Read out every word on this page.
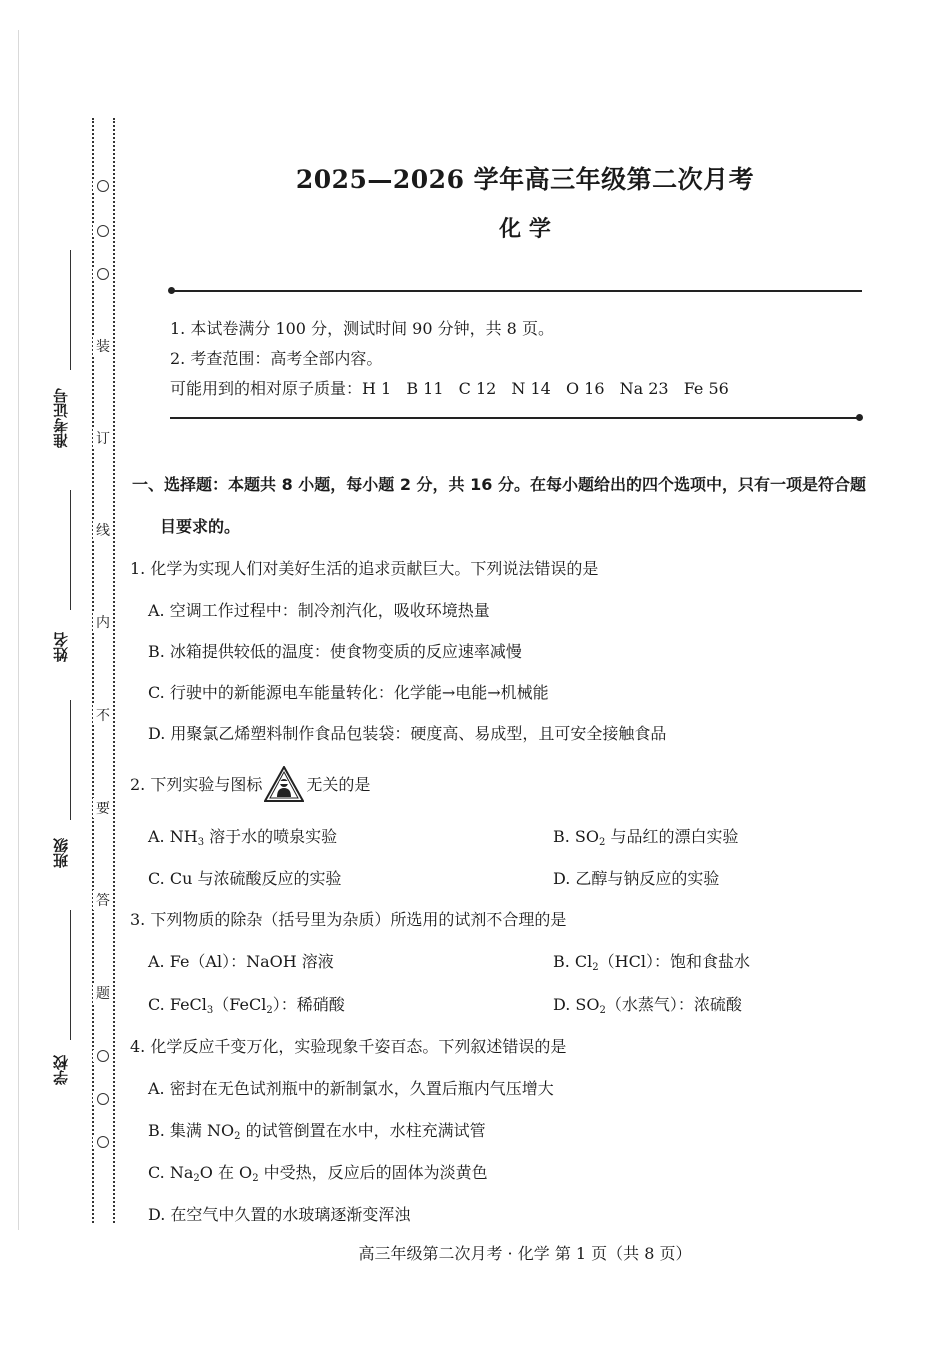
准考证号
姓名
班级
学校
装
订
线
内
不
要
答
题
2025—2026 学年高三年级第二次月考
化 学
1. 本试卷满分 100 分，测试时间 90 分钟，共 8 页。
2. 考查范围：高考全部内容。
可能用到的相对原子质量：H 1 B 11 C 12 N 14 O 16 Na 23 Fe 56
一、选择题：本题共 8 小题，每小题 2 分，共 16 分。在每小题给出的四个选项中，只有一项是符合题
目要求的。
1. 化学为实现人们对美好生活的追求贡献巨大。下列说法错误的是
A. 空调工作过程中：制冷剂汽化，吸收环境热量
B. 冰箱提供较低的温度：使食物变质的反应速率减慢
C. 行驶中的新能源电车能量转化：化学能→电能→机械能
D. 用聚氯乙烯塑料制作食品包装袋：硬度高、易成型，且可安全接触食品
2. 下列实验与图标	无关的是
A. $NH_3$ 溶于水的喷泉实验	B. $SO_2$ 与品红的漂白实验
C. Cu 与浓硫酸反应的实验	D. 乙醇与钠反应的实验
3. 下列物质的除杂（括号里为杂质）所选用的试剂不合理的是
A. Fe（Al）：NaOH 溶液	B. $Cl_2(HCl)$：饱和食盐水
C. FeCl$_3$（FeCl$_2$）：稀硝酸	D. $SO_2$（水蒸气）：浓硫酸
4. 化学反应千变万化，实验现象千姿百态。下列叙述错误的是
A. 密封在无色试剂瓶中的新制氯水，久置后瓶内气压增大
B. 集满 $NO_2$ 的试管倒置在水中，水柱充满试管
C. $Na_2O$ 在 $O_2$ 中受热，反应后的固体为淡黄色
D. 在空气中久置的水玻璃逐渐变浑浊
高三年级第二次月考 · 化学 第 1 页（共 8 页）
